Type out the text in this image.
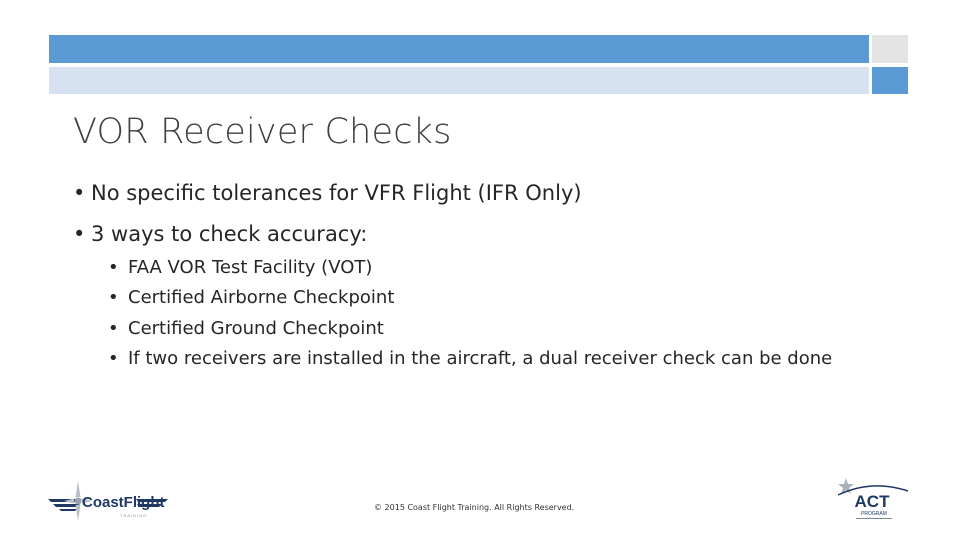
VOR Receiver Checks
• No specific tolerances for VFR Flight (IFR Only)
• 3 ways to check accuracy:
• FAA VOR Test Facility (VOT)
• Certified Airborne Checkpoint
• Certified Ground Checkpoint
• If two receivers are installed in the aircraft, a dual receiver check can be done
CoastFlight
T R A I N I N G
© 2015 Coast Flight Training. All Rights Reserved.	ACT
PROGRAM
